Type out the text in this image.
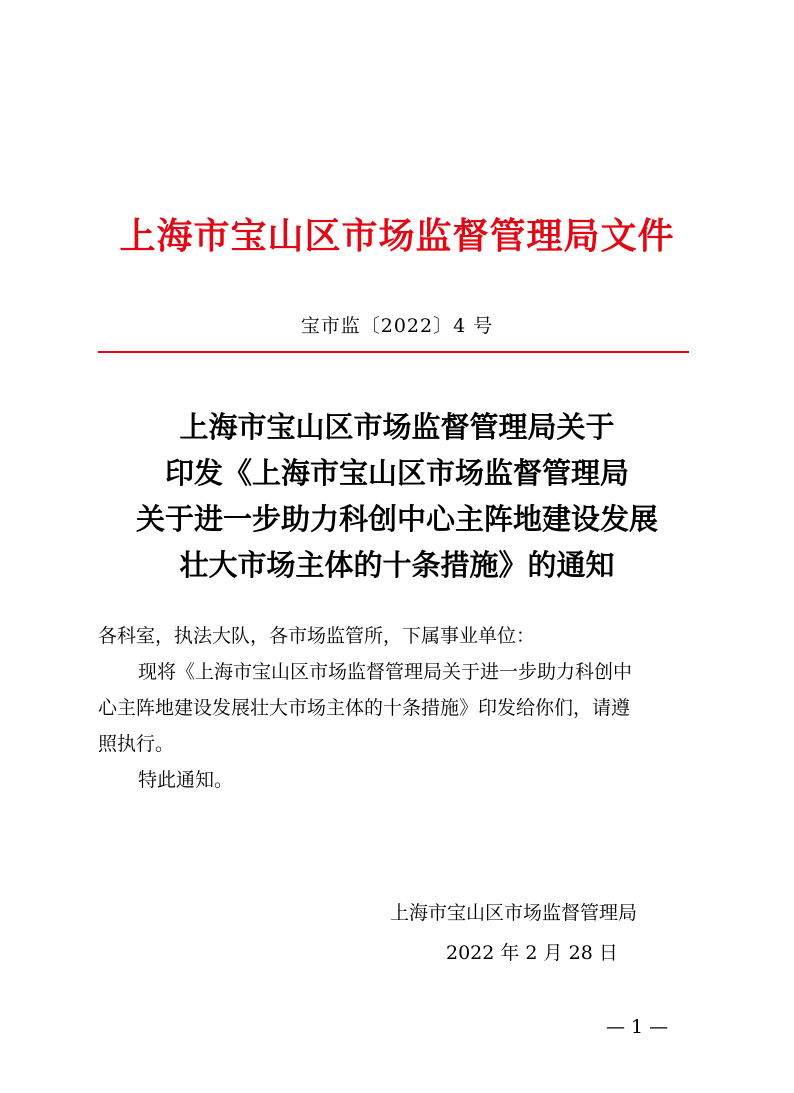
上海市宝山区市场监督管理局文件
宝市监〔2022〕4 号
上海市宝山区市场监督管理局关于
印发《上海市宝山区市场监督管理局
关于进一步助力科创中心主阵地建设发展
壮大市场主体的十条措施》的通知
各科室，执法大队，各市场监管所，下属事业单位：
现将《上海市宝山区市场监督管理局关于进一步助力科创中
心主阵地建设发展壮大市场主体的十条措施》印发给你们，请遵
照执行。
特此通知。
上海市宝山区市场监督管理局
2022 年 2 月 28 日
— 1 —
